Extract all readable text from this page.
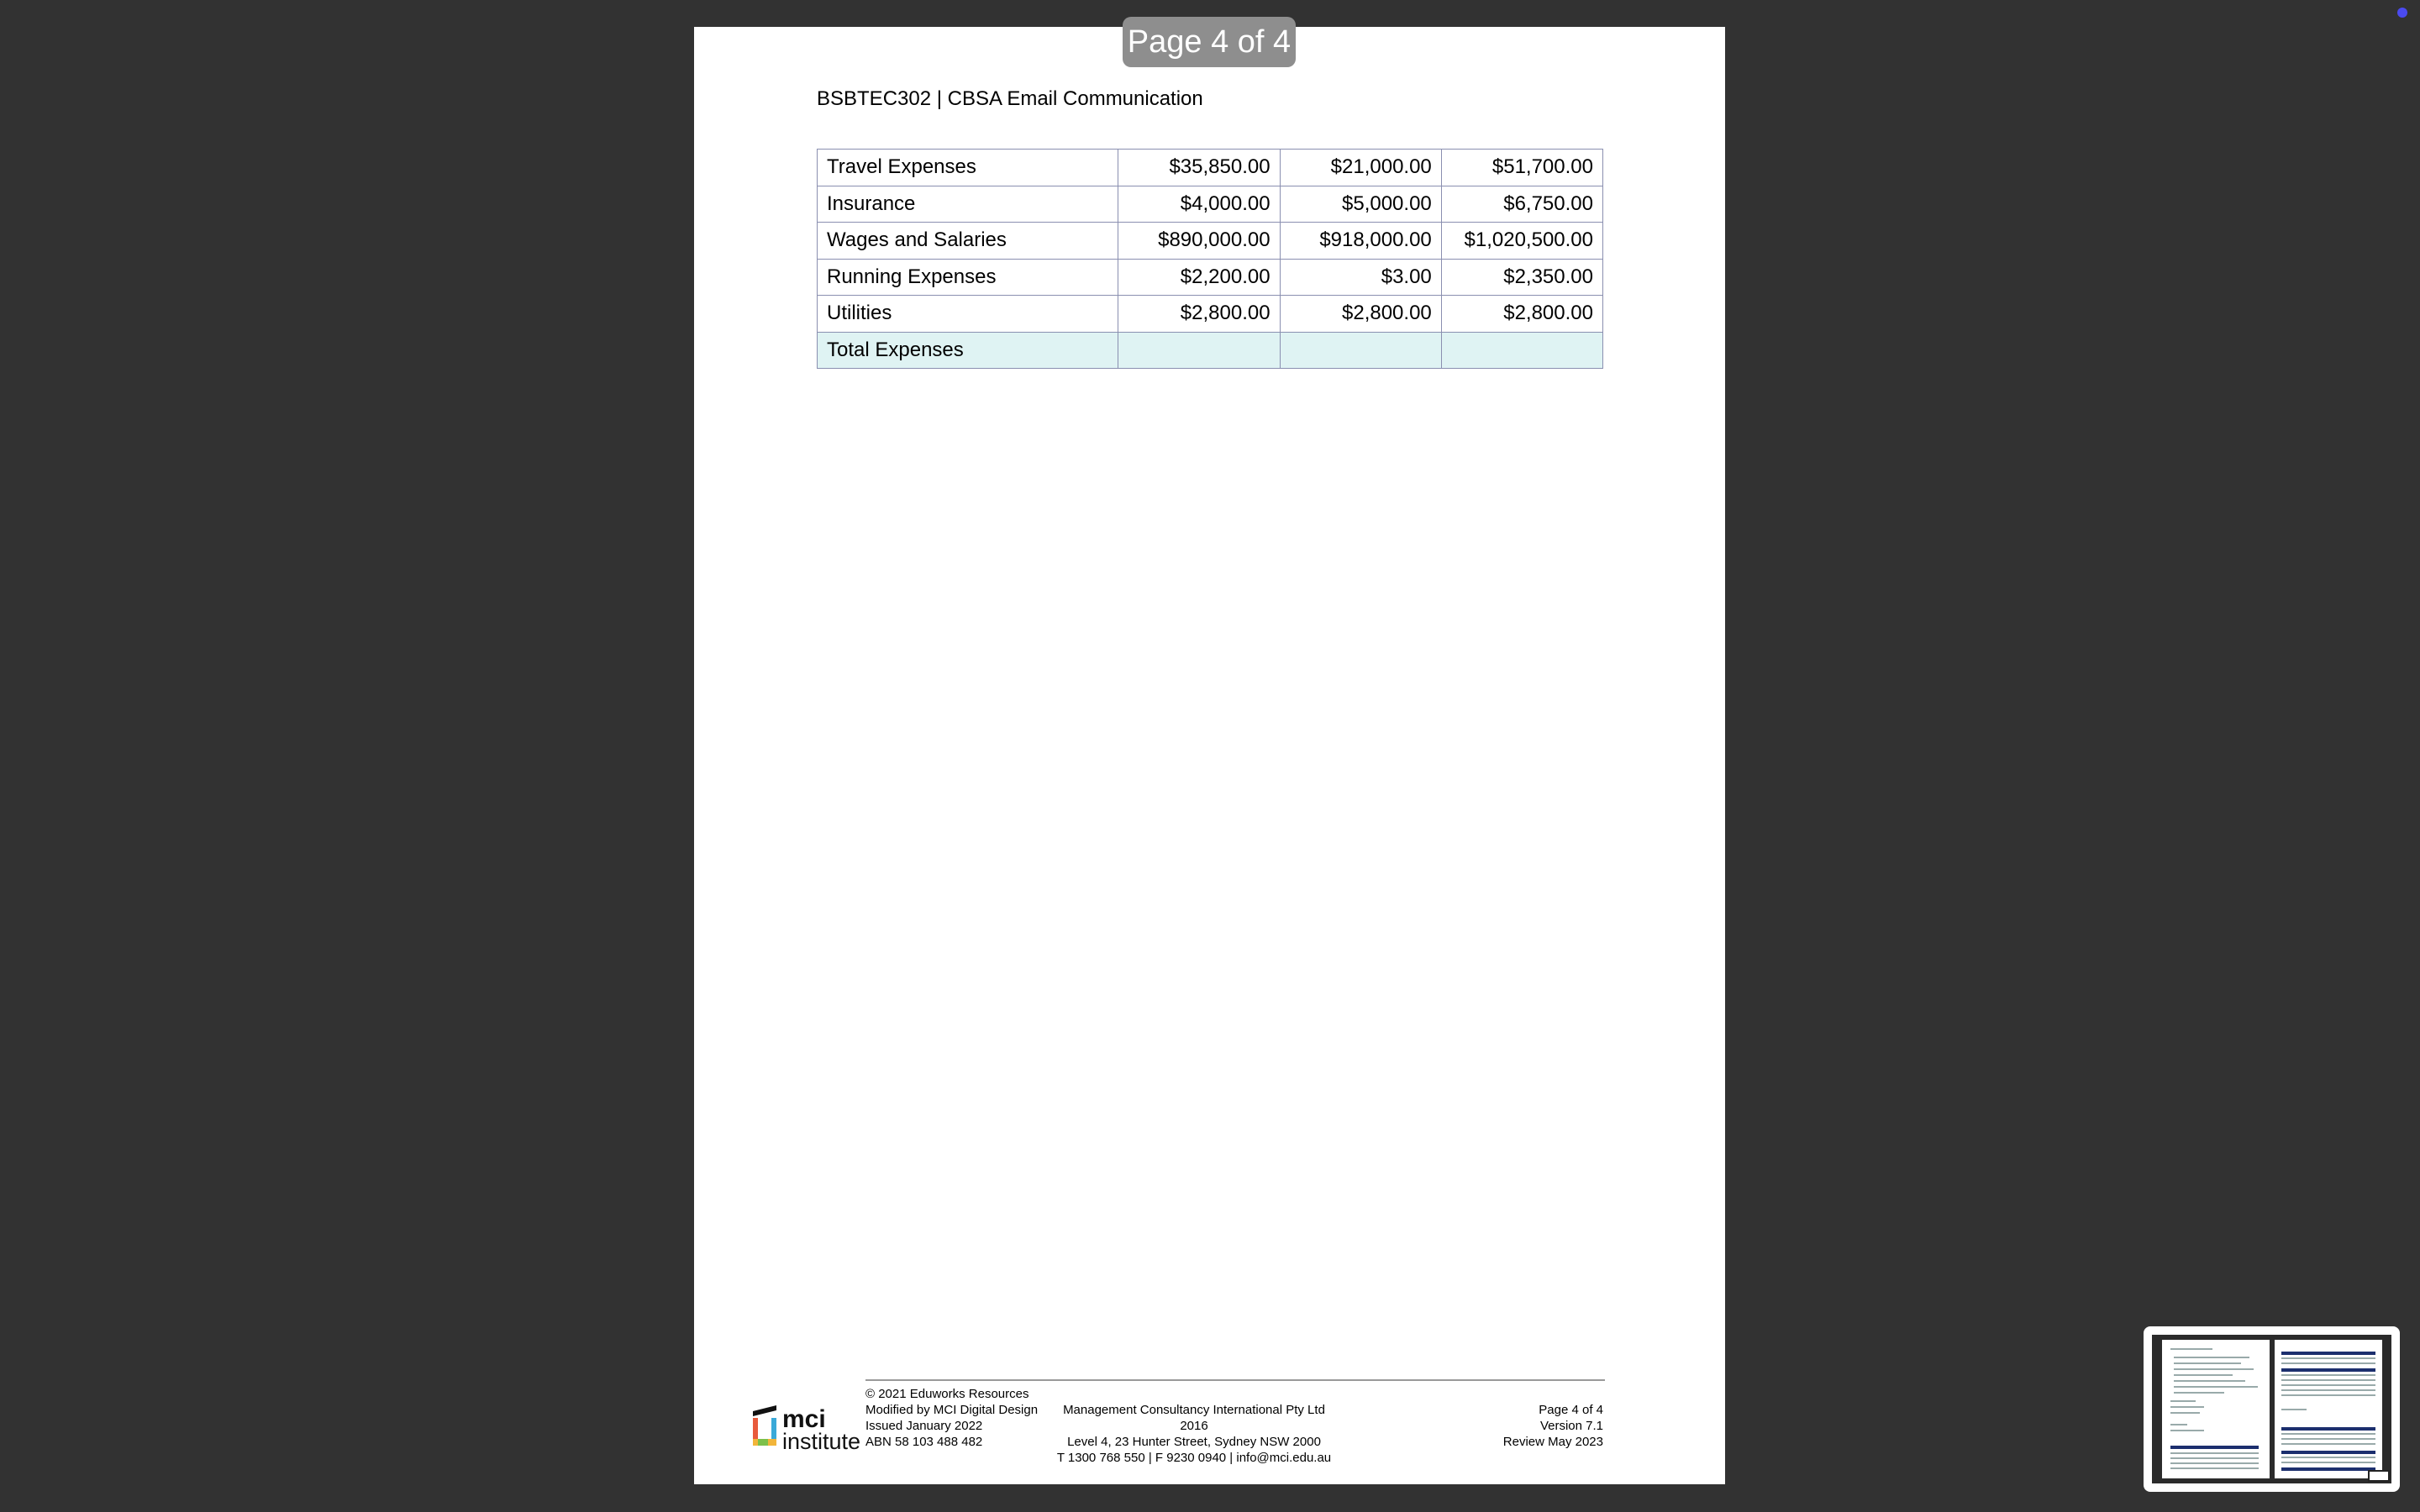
BSBTEC302 | CBSA Email Communication
Travel Expenses	$35,850.00	$21,000.00	$51,700.00
Insurance	$4,000.00	$5,000.00	$6,750.00
Wages and Salaries	$890,000.00	$918,000.00	$1,020,500.00
Running Expenses	$2,200.00	$3.00	$2,350.00
Utilities	$2,800.00	$2,800.00	$2,800.00
Total Expenses			
mci
institute
© 2021 Eduworks Resources
Modified by MCI Digital Design
Issued January 2022
ABN 58 103 488 482
Management Consultancy International Pty Ltd 2016
Level 4, 23 Hunter Street, Sydney NSW 2000
T 1300 768 550 | F 9230 0940 | info@mci.edu.au
Page 4 of 4
Version 7.1
Review May 2023
Page 4 of 4
